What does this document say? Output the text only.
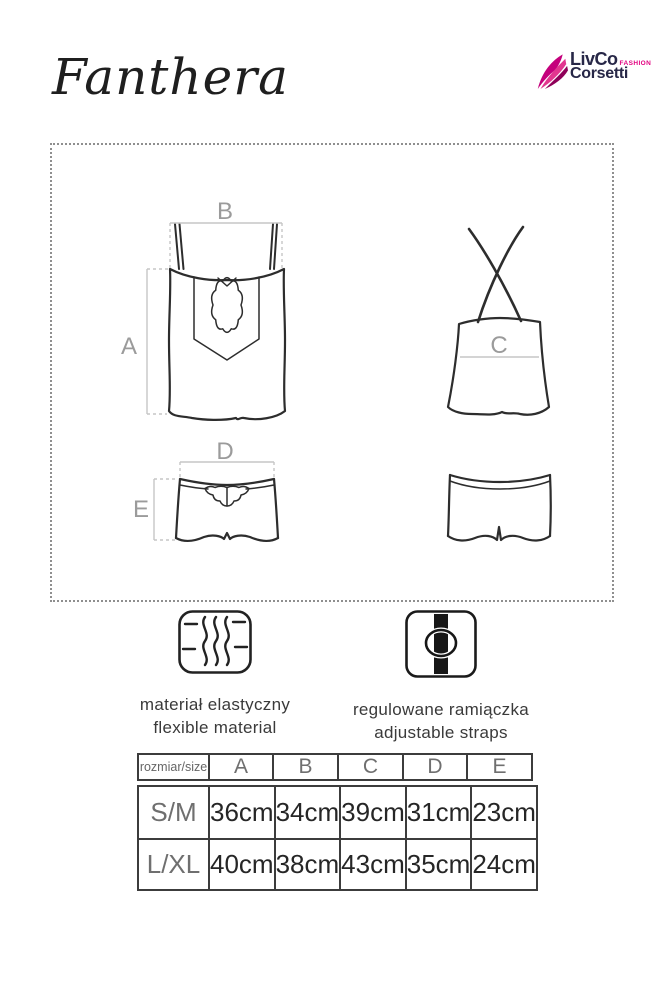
Fanthera	LivCo FASHION
Corsetti
B
A	C
D
E
materiał elastyczny
flexible material
regulowane ramiączka
adjustable straps
rozmiar/size	A	B	C	D	E
S/M	36cm	34cm	39cm	31cm	23cm
L/XL	40cm	38cm	43cm	35cm	24cm
